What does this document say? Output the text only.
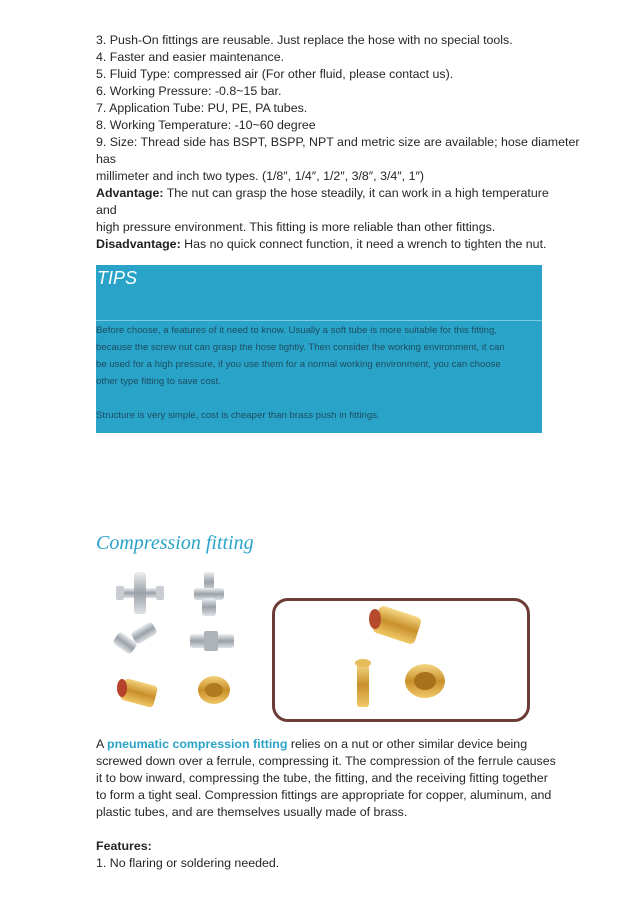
3. Push-On fittings are reusable. Just replace the hose with no special tools.
4. Faster and easier maintenance.
5. Fluid Type: compressed air (For other fluid, please contact us).
6. Working Pressure: -0.8~15 bar.
7. Application Tube: PU, PE, PA tubes.
8. Working Temperature: -10~60 degree
9. Size: Thread side has BSPT, BSPP, NPT and metric size are available; hose diameter
has
millimeter and inch two types. (1/8″, 1/4″, 1/2″, 3/8″, 3/4″, 1″)
Advantage: The nut can grasp the hose steadily, it can work in a high temperature
and
high pressure environment. This fitting is more reliable than other fittings.
Disadvantage: Has no quick connect function, it need a wrench to tighten the nut.
TIPS
Before choose, a features of it need to know. Usually a soft tube is more suitable for this fitting,
because the screw nut can grasp the hose tightly. Then consider the working environment, it can
be used for a high pressure, if you use them for a normal working environment, you can choose
other type fitting to save cost.
Structure is very simple, cost is cheaper than brass push in fittings.
Compression fitting
A pneumatic compression fitting relies on a nut or other similar device being
screwed down over a ferrule, compressing it. The compression of the ferrule causes
it to bow inward, compressing the tube, the fitting, and the receiving fitting together
to form a tight seal. Compression fittings are appropriate for copper, aluminum, and
plastic tubes, and are themselves usually made of brass.
Features:
1. No flaring or soldering needed.
